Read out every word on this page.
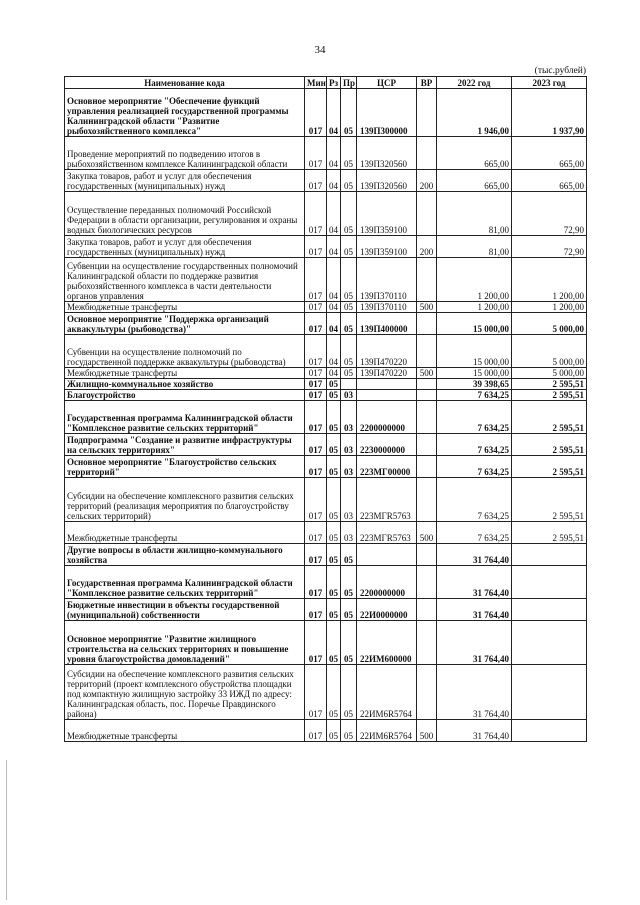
34
(тыс.рублей)
Наименование кода	Мин	Рз	Пр	ЦСР	ВР	2022 год	2023 год
Основное мероприятие "Обеспечение функций управления реализацией государственной программы Калининградской области "Развитие рыбохозяйственного комплекса"	017	04	05	139П300000		1 946,00	1 937,90
Проведение мероприятий по подведению итогов в рыбохозяйственном комплексе Калининградской области	017	04	05	139П320560		665,00	665,00
Закупка товаров, работ и услуг для обеспечения государственных (муниципальных) нужд	017	04	05	139П320560	200	665,00	665,00
Осуществление переданных полномочий Российской Федерации в области организации, регулирования и охраны водных биологических ресурсов	017	04	05	139П359100		81,00	72,90
Закупка товаров, работ и услуг для обеспечения государственных (муниципальных) нужд	017	04	05	139П359100	200	81,00	72,90
Субвенции на осуществление государственных полномочий Калининградской области по поддержке развития рыбохозяйственного комплекса в части деятельности органов управления	017	04	05	139П370110		1 200,00	1 200,00
Межбюджетные трансферты	017	04	05	139П370110	500	1 200,00	1 200,00
Основное мероприятие "Поддержка организаций аквакультуры (рыбоводства)"	017	04	05	139П400000		15 000,00	5 000,00
Субвенции на осуществление полномочий по государственной поддержке аквакультуры (рыбоводства)	017	04	05	139П470220		15 000,00	5 000,00
Межбюджетные трансферты	017	04	05	139П470220	500	15 000,00	5 000,00
Жилищно-коммунальное хозяйство	017	05				39 398,65	2 595,51
Благоустройство	017	05	03			7 634,25	2 595,51
Государственная программа Калининградской области "Комплексное развитие сельских территорий"	017	05	03	2200000000		7 634,25	2 595,51
Подпрограмма "Создание и развитие инфраструктуры на сельских территориях"	017	05	03	2230000000		7 634,25	2 595,51
Основное мероприятие "Благоустройство сельских территорий"	017	05	03	223МГ00000		7 634,25	2 595,51
Субсидии на обеспечение комплексного развития сельских территорий (реализация мероприятия по благоустройству сельских территорий)	017	05	03	223МГR5763		7 634,25	2 595,51
Межбюджетные трансферты	017	05	03	223МГR5763	500	7 634,25	2 595,51
Другие вопросы в области жилищно-коммунального хозяйства	017	05	05			31 764,40	
Государственная программа Калининградской области "Комплексное развитие сельских территорий"	017	05	05	2200000000		31 764,40	
Бюджетные инвестиции в объекты государственной (муниципальной) собственности	017	05	05	22И0000000		31 764,40	
Основное мероприятие "Развитие жилищного строительства на сельских территориях и повышение уровня благоустройства домовладений"	017	05	05	22ИМ600000		31 764,40	
Субсидии на обеспечение комплексного развития сельских территорий (проект комплексного обустройства площадки под компактную жилищную застройку 33 ИЖД по адресу: Калининградская область, пос. Поречье Правдинского района)	017	05	05	22ИМ6R5764		31 764,40	
Межбюджетные трансферты	017	05	05	22ИМ6R5764	500	31 764,40	
